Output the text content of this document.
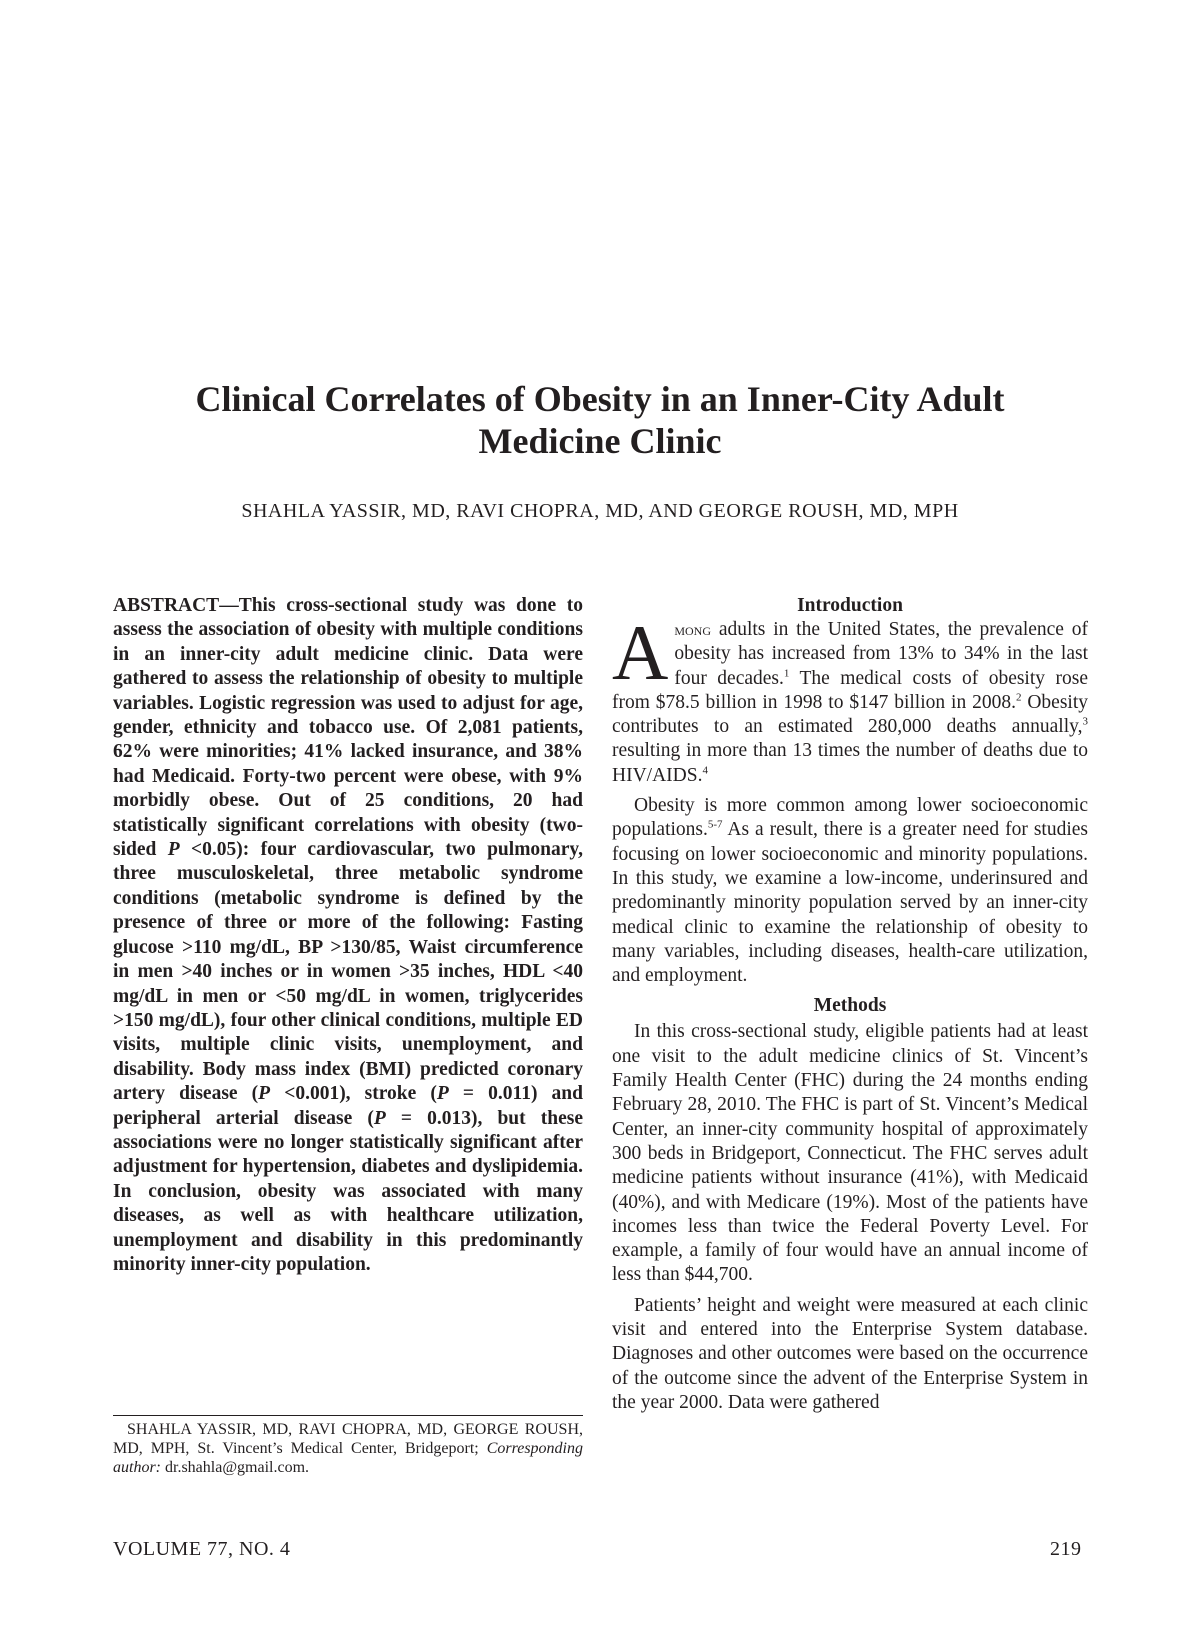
Clinical Correlates of Obesity in an Inner-City Adult
Medicine Clinic
SHAHLA YASSIR, MD, RAVI CHOPRA, MD, AND GEORGE ROUSH, MD, MPH
ABSTRACT—This cross-sectional study was done to assess the association of obesity with multiple conditions in an inner-city adult medicine clinic. Data were gathered to assess the relationship of obesity to multiple variables. Logistic regression was used to adjust for age, gender, ethnicity and tobacco use. Of 2,081 patients, 62% were minorities; 41% lacked insurance, and 38% had Medicaid. Forty-two percent were obese, with 9% morbidly obese. Out of 25 conditions, 20 had statistically significant correlations with obesity (two-sided P <0.05): four cardiovascular, two pulmonary, three musculoskeletal, three metabolic syndrome conditions (metabolic syndrome is defined by the presence of three or more of the following: Fasting glucose >110 mg/dL, BP >130/85, Waist circumference in men >40 inches or in women >35 inches, HDL <40 mg/dL in men or <50 mg/dL in women, triglycerides >150 mg/dL), four other clinical conditions, multiple ED visits, multiple clinic visits, unemployment, and disability. Body mass index (BMI) predicted coronary artery disease (P <0.001), stroke (P = 0.011) and peripheral arterial disease (P = 0.013), but these associations were no longer statistically significant after adjustment for hypertension, diabetes and dyslipidemia. In conclusion, obesity was associated with many diseases, as well as with healthcare utilization, unemployment and disability in this predominantly minority inner-city population.
SHAHLA YASSIR, MD, RAVI CHOPRA, MD, GEORGE ROUSH, MD, MPH, St. Vincent’s Medical Center, Bridgeport; Corresponding author: dr.shahla@gmail.com.
Introduction

Among adults in the United States, the prevalence of obesity has increased from 13% to 34% in the last four decades.$^1$ The medical costs of obesity rose from $78.5 billion in 1998 to $147 billion in 2008.$^2$ Obesity contributes to an estimated 280,000 deaths annually,$^3$ resulting in more than 13 times the number of deaths due to HIV/AIDS.$^4$

Obesity is more common among lower socioeconomic populations.$^{5-7}$ As a result, there is a greater need for studies focusing on lower socioeconomic and minority populations. In this study, we examine a low-income, underinsured and predominantly minority population served by an inner-city medical clinic to examine the relationship of obesity to many variables, including diseases, health-care utilization, and employment.

Methods

In this cross-sectional study, eligible patients had at least one visit to the adult medicine clinics of St. Vincent’s Family Health Center (FHC) during the 24 months ending February 28, 2010. The FHC is part of St. Vincent’s Medical Center, an inner-city community hospital of approximately 300 beds in Bridgeport, Connecticut. The FHC serves adult medicine patients without insurance (41%), with Medicaid (40%), and with Medicare (19%). Most of the patients have incomes less than twice the Federal Poverty Level. For example, a family of four would have an annual income of less than $44,700.

Patients’ height and weight were measured at each clinic visit and entered into the Enterprise System database. Diagnoses and other outcomes were based on the occurrence of the outcome since the advent of the Enterprise System in the year 2000. Data were gathered

VOLUME 77, NO. 4	219
